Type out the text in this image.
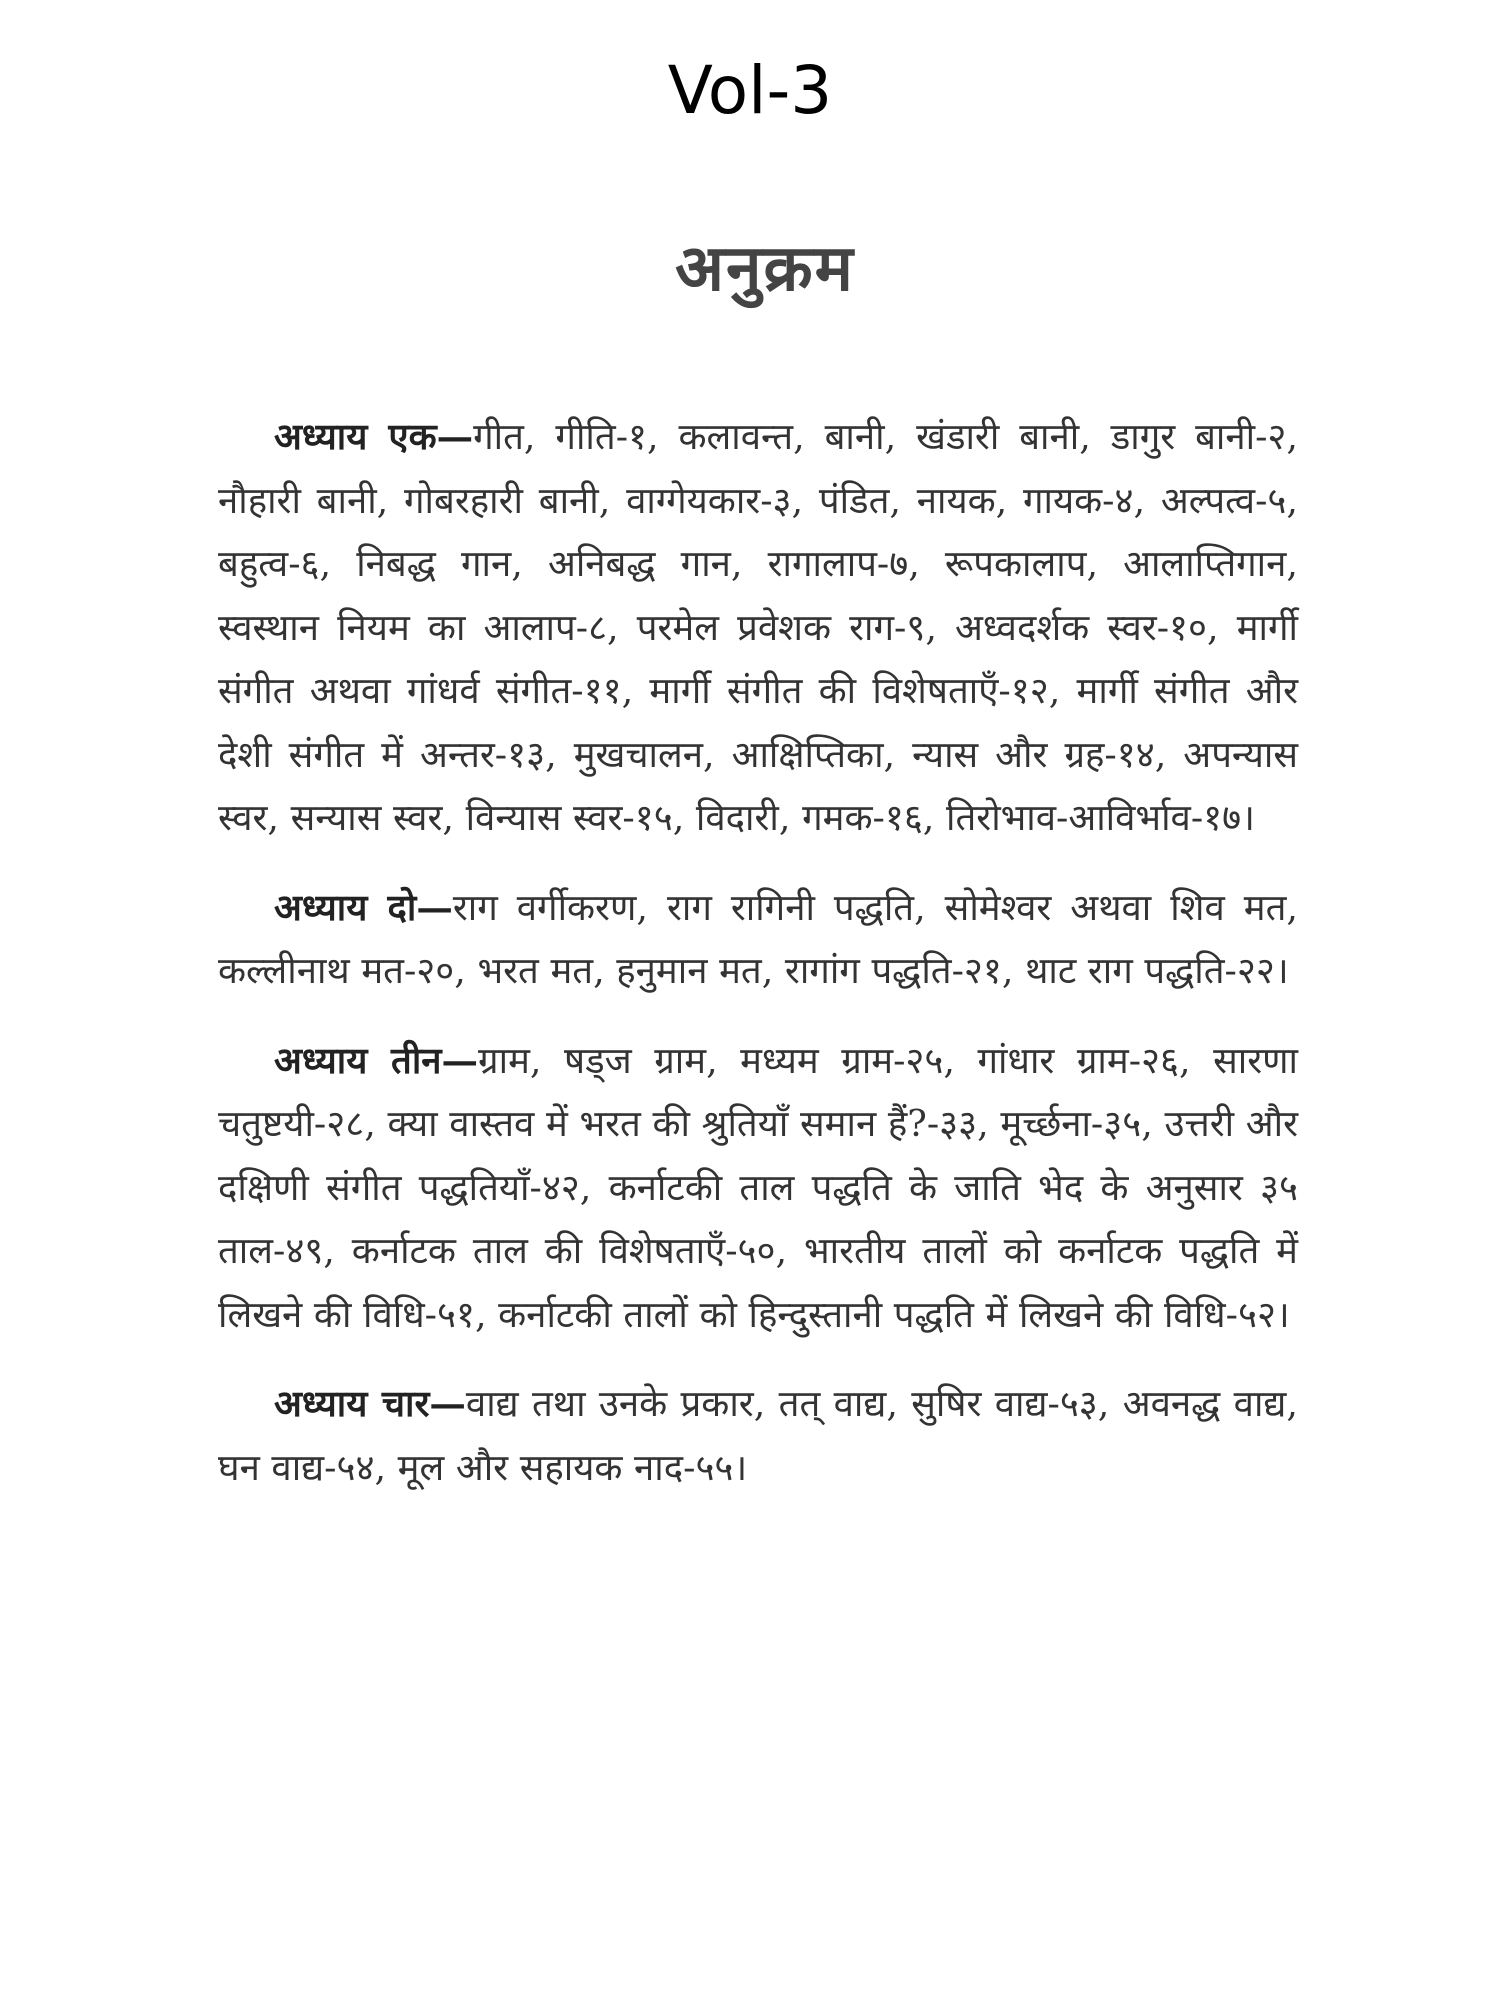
Vol-3
अनुक्रम

अध्याय एक—गीत, गीति-१, कलावन्त, बानी, खंडारी बानी, डागुर बानी-२, नौहारी बानी, गोबरहारी बानी, वाग्गेयकार-३, पंडित, नायक, गायक-४, अल्पत्व-५, बहुत्व-६, निबद्ध गान, अनिबद्ध गान, रागालाप-७, रूपकालाप, आलाप्तिगान, स्वस्थान नियम का आलाप-८, परमेल प्रवेशक राग-९, अध्वदर्शक स्वर-१०, मार्गी संगीत अथवा गांधर्व संगीत-११, मार्गी संगीत की विशेषताएँ-१२, मार्गी संगीत और देशी संगीत में अन्तर-१३, मुखचालन, आक्षिप्तिका, न्यास और ग्रह-१४, अपन्यास स्वर, सन्यास स्वर, विन्यास स्वर-१५, विदारी, गमक-१६, तिरोभाव-आविर्भाव-१७।

अध्याय दो—राग वर्गीकरण, राग रागिनी पद्धति, सोमेश्वर अथवा शिव मत, कल्लीनाथ मत-२०, भरत मत, हनुमान मत, रागांग पद्धति-२१, थाट राग पद्धति-२२।

अध्याय तीन—ग्राम, षड्ज ग्राम, मध्यम ग्राम-२५, गांधार ग्राम-२६, सारणा चतुष्टयी-२८, क्या वास्तव में भरत की श्रुतियाँ समान हैं?-३३, मूर्च्छना-३५, उत्तरी और दक्षिणी संगीत पद्धतियाँ-४२, कर्नाटकी ताल पद्धति के जाति भेद के अनुसार ३५ ताल-४९, कर्नाटक ताल की विशेषताएँ-५०, भारतीय तालों को कर्नाटक पद्धति में लिखने की विधि-५१, कर्नाटकी तालों को हिन्दुस्तानी पद्धति में लिखने की विधि-५२।

अध्याय चार—वाद्य तथा उनके प्रकार, तत् वाद्य, सुषिर वाद्य-५३, अवनद्ध वाद्य, घन वाद्य-५४, मूल और सहायक नाद-५५।
